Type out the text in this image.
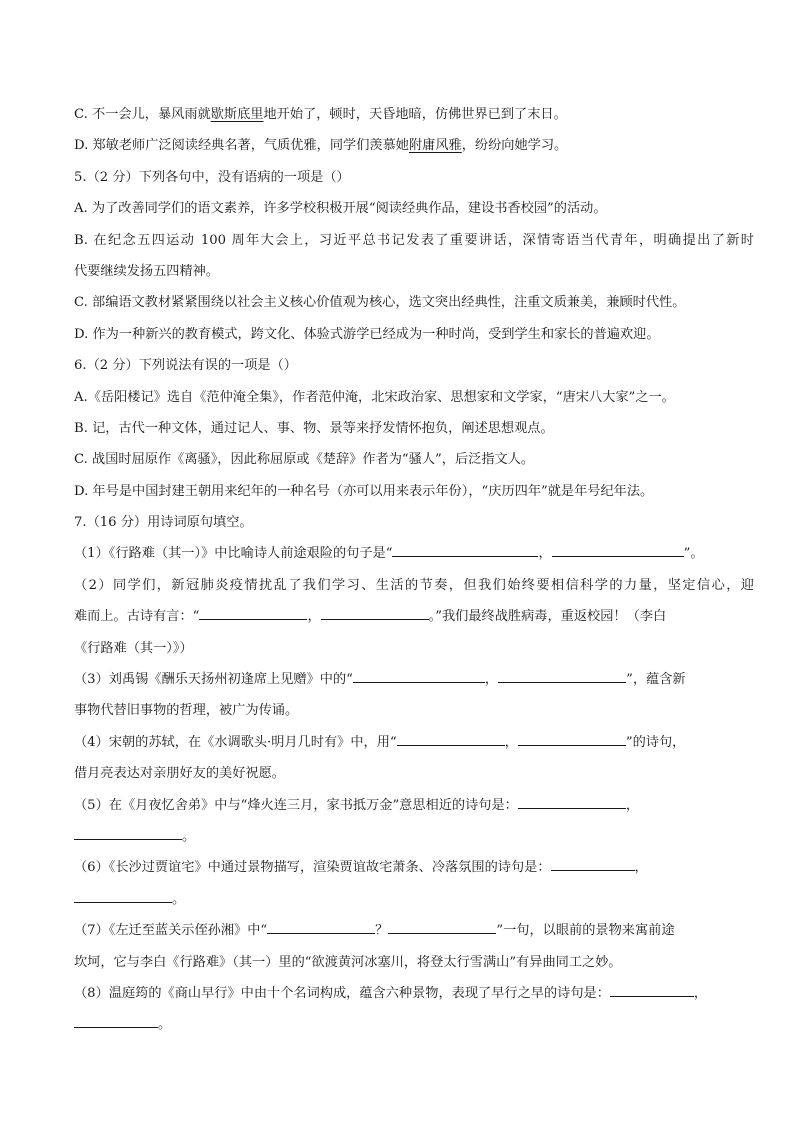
C. 不一会儿，暴风雨就歇斯底里地开始了，顿时，天昏地暗，仿佛世界已到了末日。
D. 郑敏老师广泛阅读经典名著，气质优雅，同学们羡慕她附庸风雅，纷纷向她学习。
5.（2 分）下列各句中，没有语病的一项是（）
A. 为了改善同学们的语文素养，许多学校积极开展“阅读经典作品，建设书香校园”的活动。
B. 在纪念五四运动 100 周年大会上，习近平总书记发表了重要讲话，深情寄语当代青年，明确提出了新时
代要继续发扬五四精神。
C. 部编语文教材紧紧围绕以社会主义核心价值观为核心，选文突出经典性，注重文质兼美，兼顾时代性。
D. 作为一种新兴的教育模式，跨文化、体验式游学已经成为一种时尚，受到学生和家长的普遍欢迎。
6.（2 分）下列说法有误的一项是（）
A.《岳阳楼记》选自《范仲淹全集》，作者范仲淹，北宋政治家、思想家和文学家，“唐宋八大家”之一。
B. 记，古代一种文体，通过记人、事、物、景等来抒发情怀抱负，阐述思想观点。
C. 战国时屈原作《离骚》，因此称屈原或《楚辞》作者为“骚人”，后泛指文人。
D. 年号是中国封建王朝用来纪年的一种名号（亦可以用来表示年份），“庆历四年”就是年号纪年法。
7.（16 分）用诗词原句填空。
（1）《行路难（其一）》中比喻诗人前途艰险的句子是“	，	”。
（2）同学们，新冠肺炎疫情扰乱了我们学习、生活的节奏，但我们始终要相信科学的力量，坚定信心，迎
难而上。古诗有言：“	，	。”我们最终战胜病毒，重返校园！（李白
《行路难（其一）》）
（3）刘禹锡《酬乐天扬州初逢席上见赠》中的“	，	”，蕴含新
事物代替旧事物的哲理，被广为传诵。
（4）宋朝的苏轼，在《水调歌头·明月几时有》中，用“	，	”的诗句，
借月亮表达对亲朋好友的美好祝愿。
（5）在《月夜忆舍弟》中与“烽火连三月，家书抵万金”意思相近的诗句是：	，
。
（6）《长沙过贾谊宅》中通过景物描写，渲染贾谊故宅萧条、冷落氛围的诗句是：	，
。
（7）《左迁至蓝关示侄孙湘》中“	？	”一句，以眼前的景物来寓前途
坎坷，它与李白《行路难》（其一）里的“欲渡黄河冰塞川，将登太行雪满山”有异曲同工之妙。
（8）温庭筠的《商山早行》中由十个名词构成，蕴含六种景物，表现了早行之早的诗句是：	，
。
